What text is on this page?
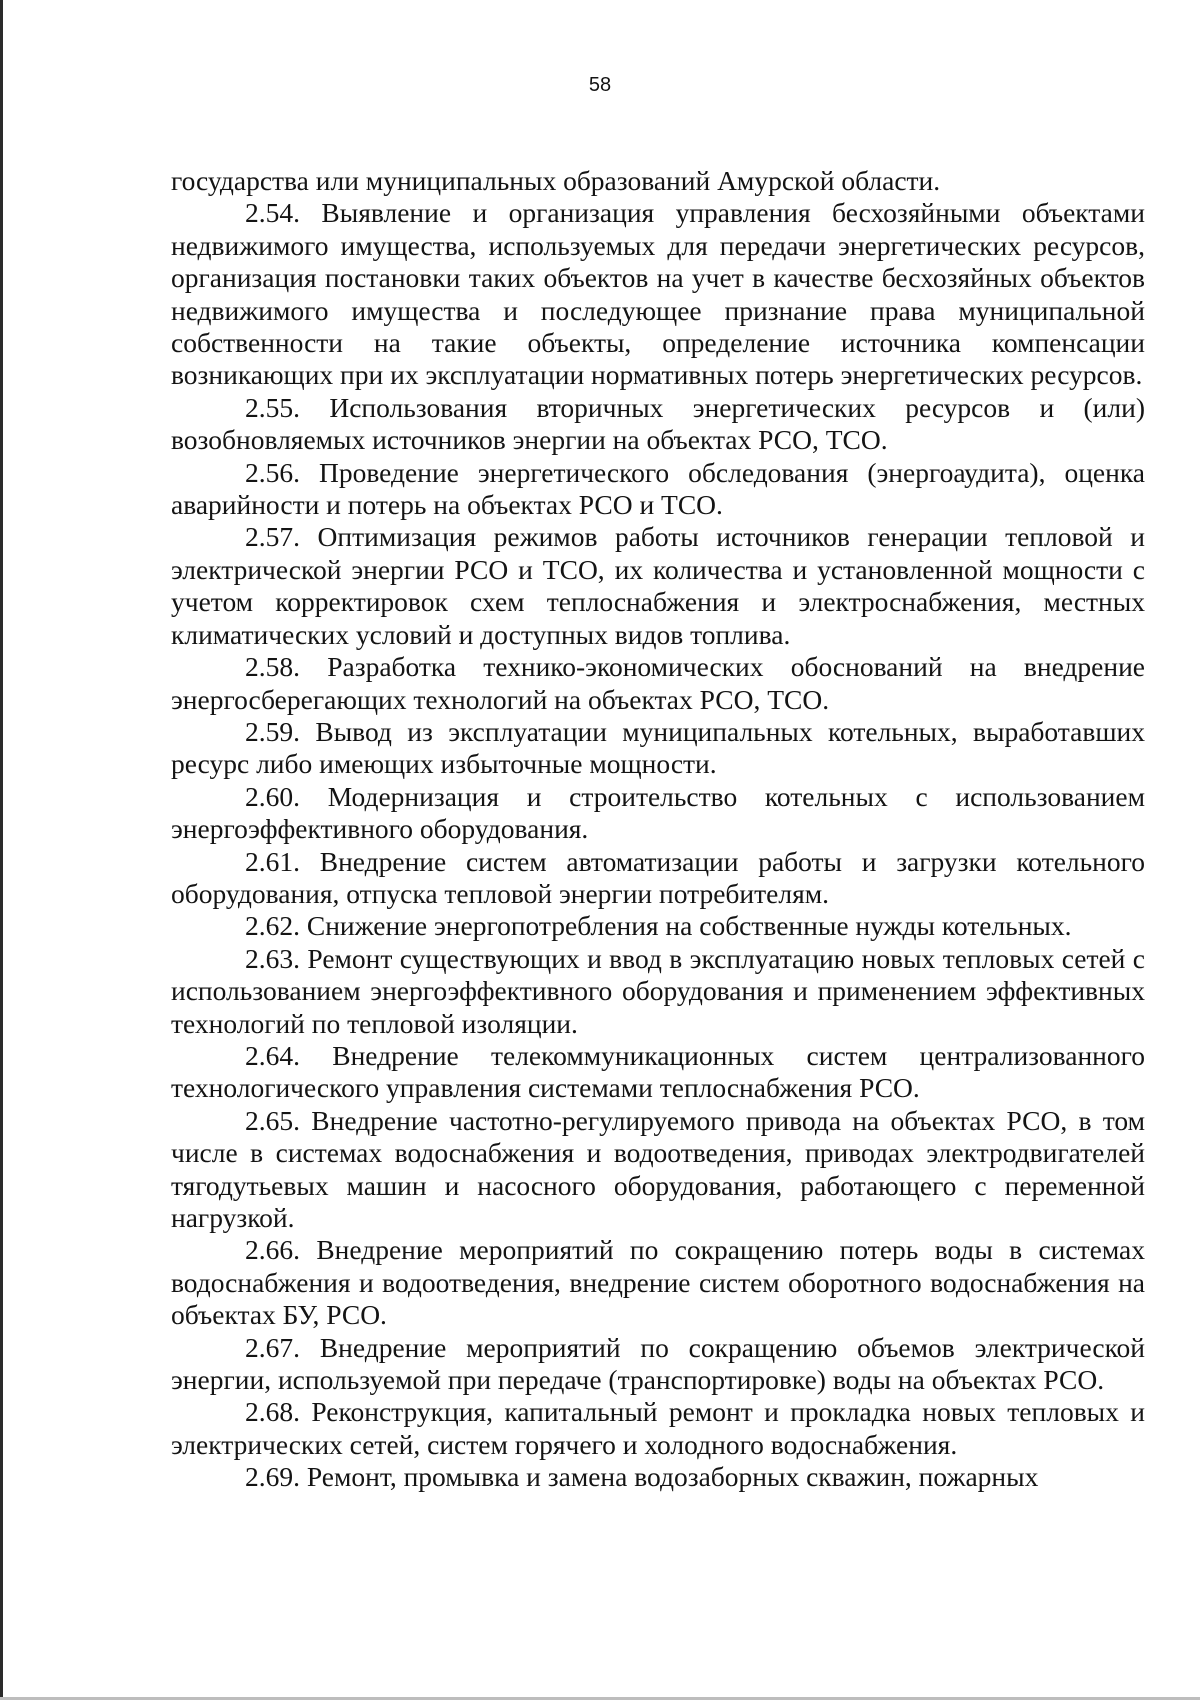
58

государства или муниципальных образований Амурской области.

2.54. Выявление и организация управления бесхозяйными объектами недвижимого имущества, используемых для передачи энергетических ресурсов, организация постановки таких объектов на учет в качестве бесхозяйных объектов недвижимого имущества и последующее признание права муниципальной собственности на такие объекты, определение источника компенсации возникающих при их эксплуатации нормативных потерь энергетических ресурсов.

2.55. Использования вторичных энергетических ресурсов и (или) возобновляемых источников энергии на объектах РСО, ТСО.

2.56. Проведение энергетического обследования (энергоаудита), оценка аварийности и потерь на объектах РСО и ТСО.

2.57. Оптимизация режимов работы источников генерации тепловой и электрической энергии РСО и ТСО, их количества и установленной мощности с учетом корректировок схем теплоснабжения и электроснабжения, местных климатических условий и доступных видов топлива.

2.58. Разработка технико-экономических обоснований на внедрение энергосберегающих технологий на объектах РСО, ТСО.

2.59. Вывод из эксплуатации муниципальных котельных, выработавших ресурс либо имеющих избыточные мощности.

2.60. Модернизация и строительство котельных с использованием энергоэффективного оборудования.

2.61. Внедрение систем автоматизации работы и загрузки котельного оборудования, отпуска тепловой энергии потребителям.

2.62. Снижение энергопотребления на собственные нужды котельных.

2.63. Ремонт существующих и ввод в эксплуатацию новых тепловых сетей с использованием энергоэффективного оборудования и применением эффективных технологий по тепловой изоляции.

2.64. Внедрение телекоммуникационных систем централизованного технологического управления системами теплоснабжения РСО.

2.65. Внедрение частотно-регулируемого привода на объектах РСО, в том числе в системах водоснабжения и водоотведения, приводах электродвигателей тягодутьевых машин и насосного оборудования, работающего с переменной нагрузкой.

2.66. Внедрение мероприятий по сокращению потерь воды в системах водоснабжения и водоотведения, внедрение систем оборотного водоснабжения на объектах БУ, РСО.

2.67. Внедрение мероприятий по сокращению объемов электрической энергии, используемой при передаче (транспортировке) воды на объектах РСО.

2.68. Реконструкция, капитальный ремонт и прокладка новых тепловых и электрических сетей, систем горячего и холодного водоснабжения.

2.69. Ремонт, промывка и замена водозаборных скважин, пожарных
